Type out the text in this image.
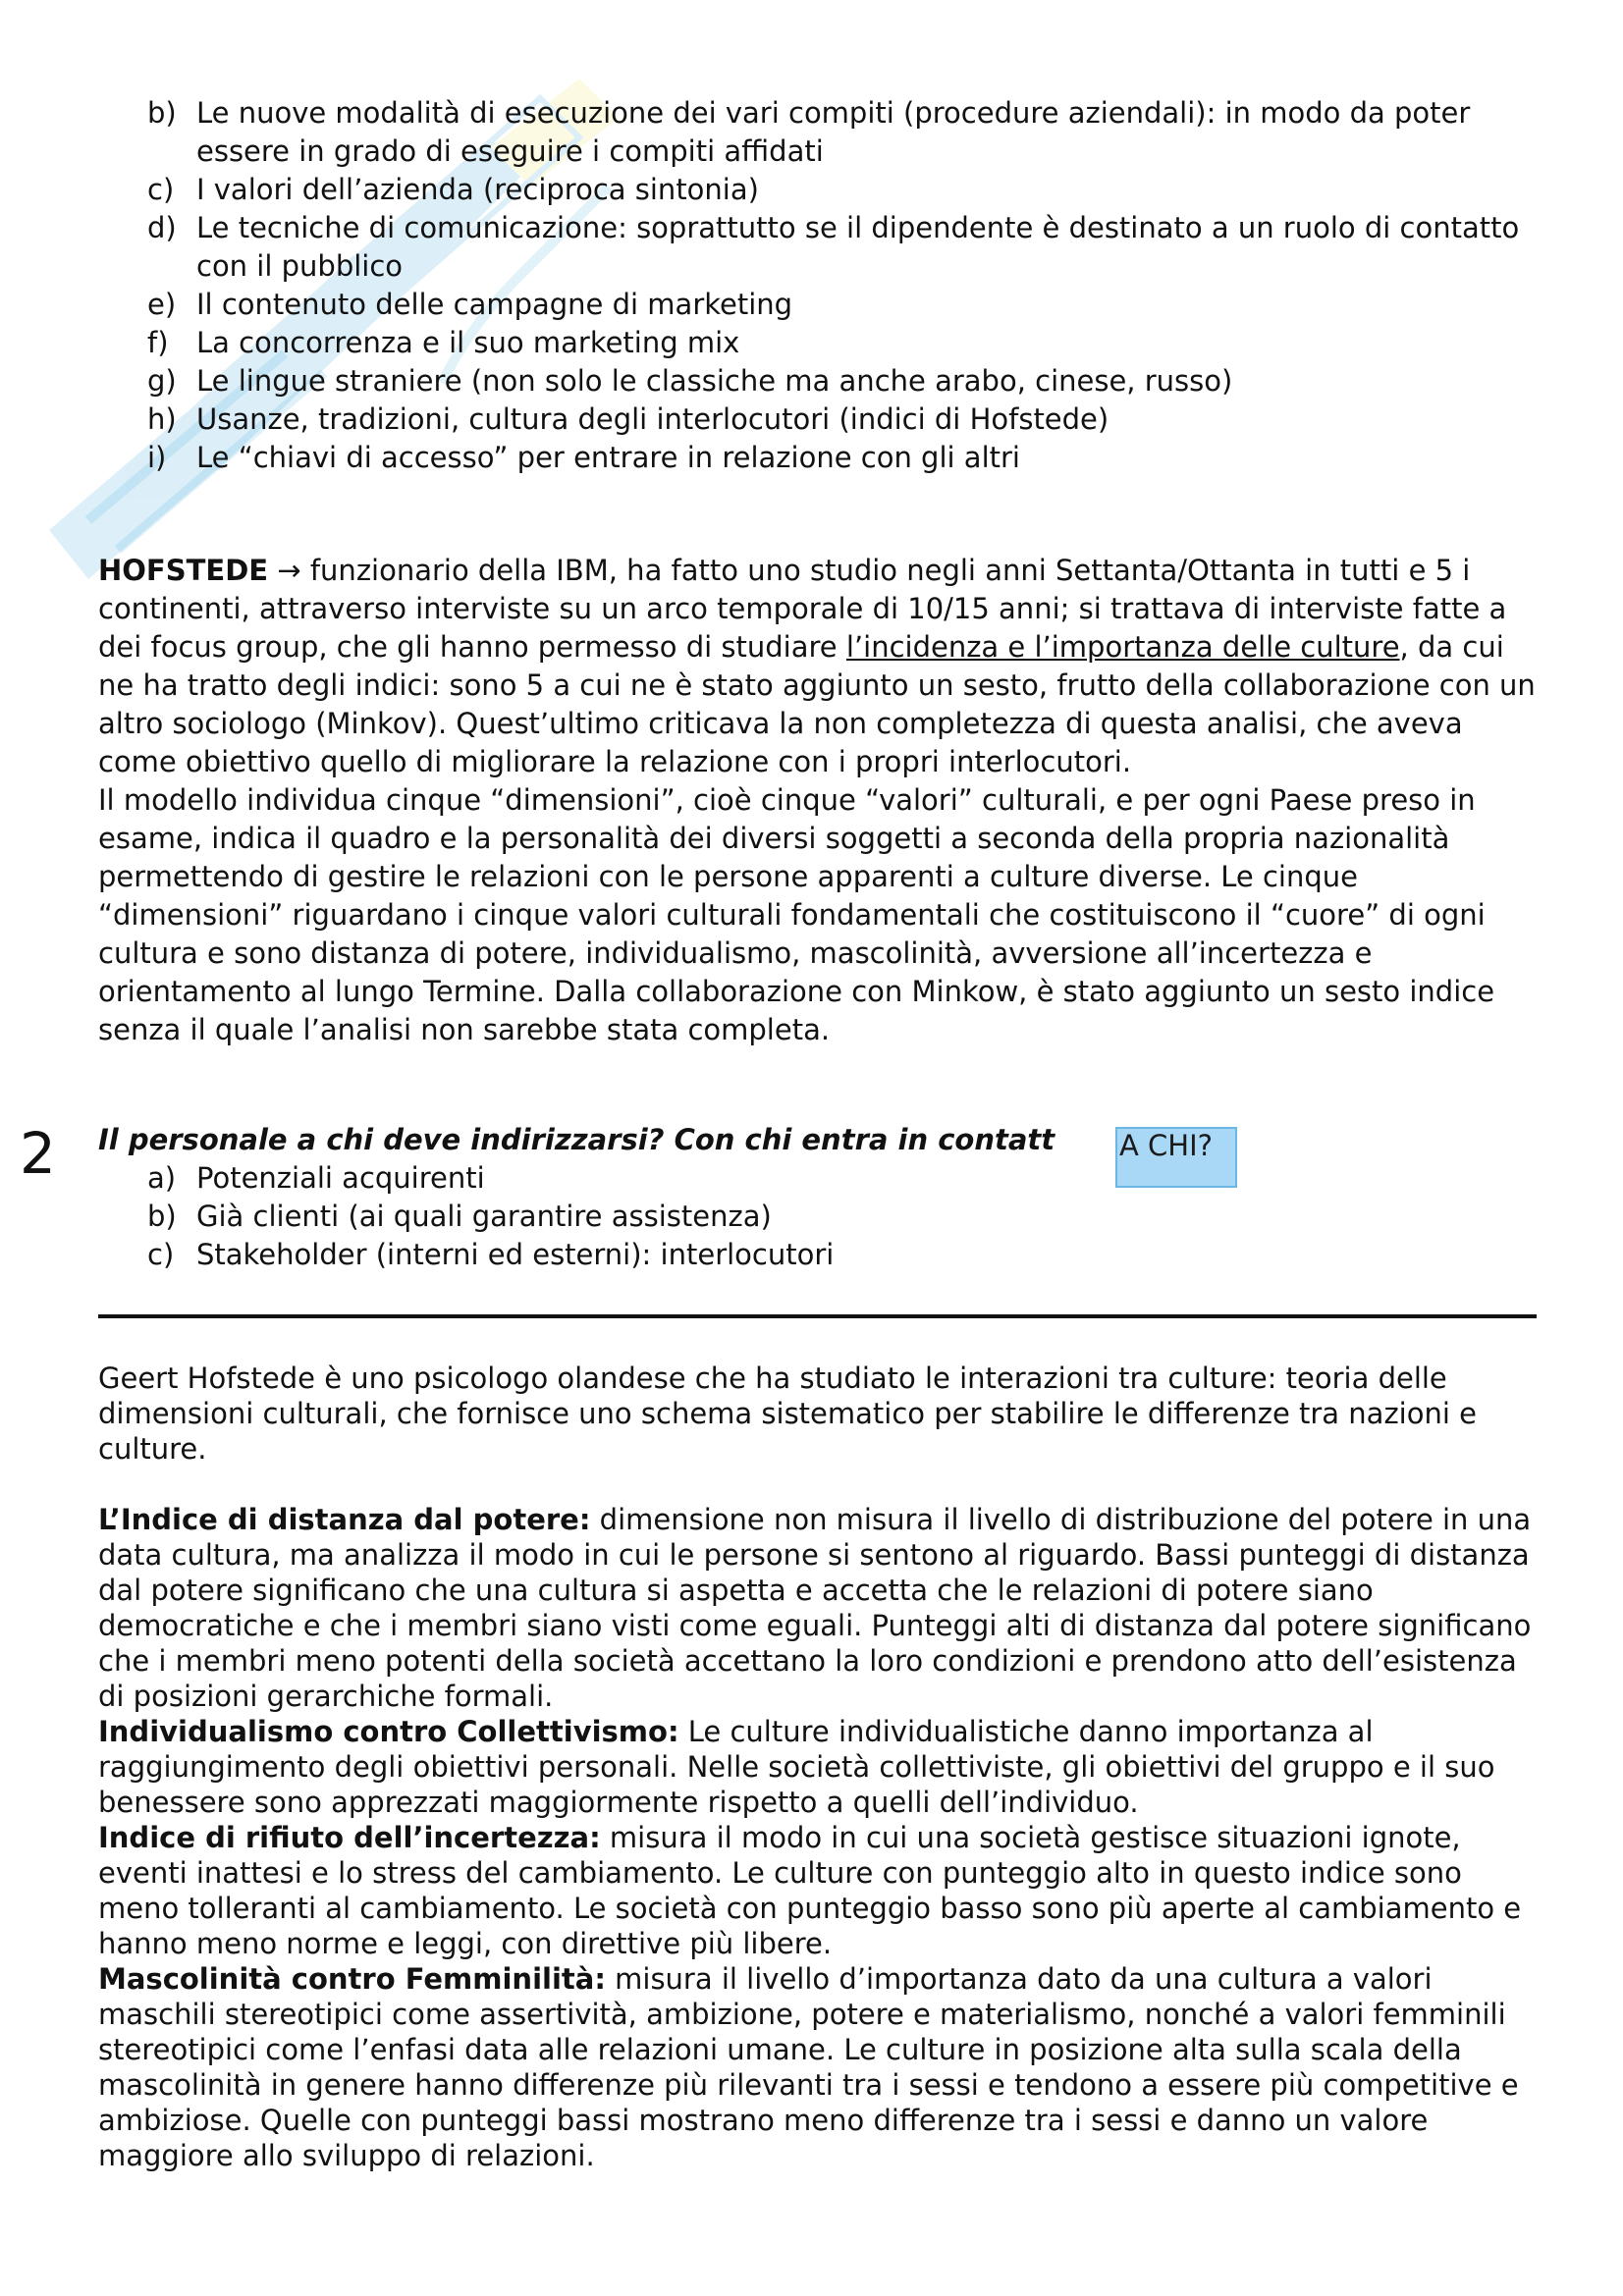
b) Le nuove modalità di esecuzione dei vari compiti (procedure aziendali): in modo da poter essere in grado di eseguire i compiti affidati
c) I valori dell’azienda (reciproca sintonia)
d) Le tecniche di comunicazione: soprattutto se il dipendente è destinato a un ruolo di contatto con il pubblico
e) Il contenuto delle campagne di marketing
f) La concorrenza e il suo marketing mix
g) Le lingue straniere (non solo le classiche ma anche arabo, cinese, russo)
h) Usanze, tradizioni, cultura degli interlocutori (indici di Hofstede)
i) Le “chiavi di accesso” per entrare in relazione con gli altri

HOFSTEDE → funzionario della IBM, ha fatto uno studio negli anni Settanta/Ottanta in tutti e 5 i continenti, attraverso interviste su un arco temporale di 10/15 anni; si trattava di interviste fatte a dei focus group, che gli hanno permesso di studiare l’incidenza e l’importanza delle culture, da cui ne ha tratto degli indici: sono 5 a cui ne è stato aggiunto un sesto, frutto della collaborazione con un altro sociologo (Minkov). Quest’ultimo criticava la non completezza di questa analisi, che aveva come obiettivo quello di migliorare la relazione con i propri interlocutori.

Il modello individua cinque “dimensioni”, cioè cinque “valori” culturali, e per ogni Paese preso in esame, indica il quadro e la personalità dei diversi soggetti a seconda della propria nazionalità permettendo di gestire le relazioni con le persone apparenti a culture diverse. Le cinque “dimensioni” riguardano i cinque valori culturali fondamentali che costituiscono il “cuore” di ogni cultura e sono distanza di potere, individualismo, mascolinità, avversione all’incertezza e orientamento al lungo Termine. Dalla collaborazione con Minkow, è stato aggiunto un sesto indice senza il quale l’analisi non sarebbe stata completa.

2 Il personale a chi deve indirizzarsi? Con chi entra in contatt

a) Potenziali acquirenti
b) Già clienti (ai quali garantire assistenza)
c) Stakeholder (interni ed esterni): interlocutori
A CHI?

Geert Hofstede è uno psicologo olandese che ha studiato le interazioni tra culture: teoria delle dimensioni culturali, che fornisce uno schema sistematico per stabilire le differenze tra nazioni e culture.

L’Indice di distanza dal potere: dimensione non misura il livello di distribuzione del potere in una data cultura, ma analizza il modo in cui le persone si sentono al riguardo. Bassi punteggi di distanza dal potere significano che una cultura si aspetta e accetta che le relazioni di potere siano democratiche e che i membri siano visti come eguali. Punteggi alti di distanza dal potere significano che i membri meno potenti della società accettano la loro condizioni e prendono atto dell’esistenza di posizioni gerarchiche formali.

Individualismo contro Collettivismo: Le culture individualistiche danno importanza al raggiungimento degli obiettivi personali. Nelle società collettiviste, gli obiettivi del gruppo e il suo benessere sono apprezzati maggiormente rispetto a quelli dell’individuo.

Indice di rifiuto dell’incertezza: misura il modo in cui una società gestisce situazioni ignote, eventi inattesi e lo stress del cambiamento. Le culture con punteggio alto in questo indice sono meno tolleranti al cambiamento. Le società con punteggio basso sono più aperte al cambiamento e hanno meno norme e leggi, con direttive più libere.

Mascolinità contro Femminilità: misura il livello d’importanza dato da una cultura a valori maschili stereotipici come assertività, ambizione, potere e materialismo, nonché a valori femminili stereotipici come l’enfasi data alle relazioni umane. Le culture in posizione alta sulla scala della mascolinità in genere hanno differenze più rilevanti tra i sessi e tendono a essere più competitive e ambiziose. Quelle con punteggi bassi mostrano meno differenze tra i sessi e danno un valore maggiore allo sviluppo di relazioni.
